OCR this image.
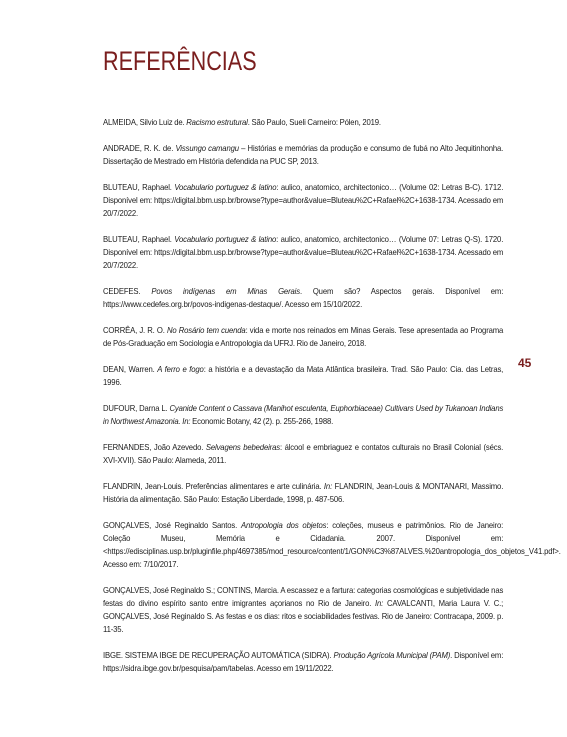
REFERÊNCIAS
45
ALMEIDA, Silvio Luiz de. Racismo estrutural. São Paulo, Sueli Carneiro: Pólen, 2019.
ANDRADE, R. K. de. Vissungo camangu – Histórias e memórias da produção e consumo de fubá no Alto Jequitinhonha. Dissertação de Mestrado em História defendida na PUC SP, 2013.
BLUTEAU, Raphael. Vocabulario portuguez & latino: aulico, anatomico, architectonico… (Volume 02: Letras B-C). 1712. Disponível em: https://digital.bbm.usp.br/browse?type=author&value=Bluteau%2C+Rafael%2C+1638-1734. Acessado em 20/7/2022.
BLUTEAU, Raphael. Vocabulario portuguez & latino: aulico, anatomico, architectonico… (Volume 07: Letras Q-S). 1720. Disponível em: https://digital.bbm.usp.br/browse?type=author&value=Bluteau%2C+Rafael%2C+1638-1734. Acessado em 20/7/2022.
CEDEFES. Povos indígenas em Minas Gerais. Quem são? Aspectos gerais. Disponível em: https://www.cedefes.org.br/povos-indigenas-destaque/. Acesso em 15/10/2022.
CORRÊA, J. R. O. No Rosário tem cuenda: vida e morte nos reinados em Minas Gerais. Tese apresentada ao Programa de Pós-Graduação em Sociologia e Antropologia da UFRJ. Rio de Janeiro, 2018.
DEAN, Warren. A ferro e fogo: a história e a devastação da Mata Atlântica brasileira. Trad. São Paulo: Cia. das Letras, 1996.
DUFOUR, Darna L. Cyanide Content o Cassava (Manihot esculenta, Euphorbiaceae) Cultivars Used by Tukanoan Indians in Northwest Amazonia. In: Economic Botany, 42 (2). p. 255-266, 1988.
FERNANDES, João Azevedo. Selvagens bebedeiras: álcool e embriaguez e contatos culturais no Brasil Colonial (sécs. XVI-XVII). São Paulo: Alameda, 2011.
FLANDRIN, Jean-Louis. Preferências alimentares e arte culinária. In: FLANDRIN, Jean-Louis & MONTANARI, Massimo. História da alimentação. São Paulo: Estação Liberdade, 1998, p. 487-506.
GONÇALVES, José Reginaldo Santos. Antropologia dos objetos: coleções, museus e patrimônios. Rio de Janeiro: Coleção Museu, Memória e Cidadania. 2007. Disponível em: <https://edisciplinas.usp.br/pluginfile.php/4697385/mod_resource/content/1/GON%C3%87ALVES.%20antropologia_dos_objetos_V41.pdf>. Acesso em: 7/10/2017.
GONÇALVES, José Reginaldo S.; CONTINS, Marcia. A escassez e a fartura: categorias cosmológicas e subjetividade nas festas do divino espírito santo entre imigrantes açorianos no Rio de Janeiro. In: CAVALCANTI, Maria Laura V. C.; GONÇALVES, José Reginaldo S. As festas e os dias: ritos e sociabilidades festivas. Rio de Janeiro: Contracapa, 2009. p. 11-35.
IBGE. SISTEMA IBGE DE RECUPERAÇÃO AUTOMÁTICA (SIDRA). Produção Agrícola Municipal (PAM). Disponível em: https://sidra.ibge.gov.br/pesquisa/pam/tabelas. Acesso em 19/11/2022.
